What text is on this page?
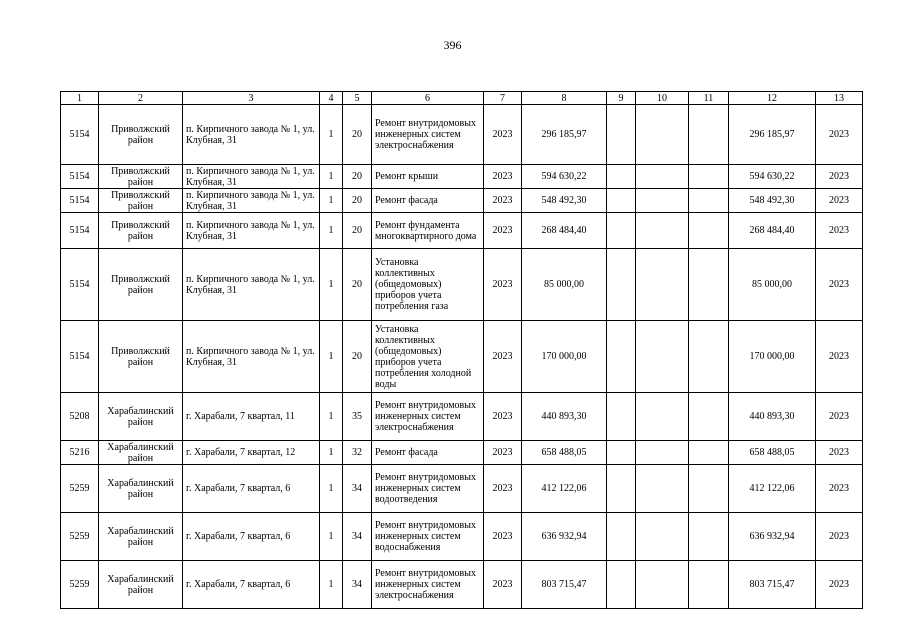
396
1	2	3	4	5	6	7	8	9	10	11	12	13
5154	Приволжский район	п. Кирпичного завода № 1, ул. Клубная, 31	1	20	Ремонт внутридомовых инженерных систем электроснабжения	2023	296 185,97				296 185,97	2023
5154	Приволжский район	п. Кирпичного завода № 1, ул. Клубная, 31	1	20	Ремонт крыши	2023	594 630,22				594 630,22	2023
5154	Приволжский район	п. Кирпичного завода № 1, ул. Клубная, 31	1	20	Ремонт фасада	2023	548 492,30				548 492,30	2023
5154	Приволжский район	п. Кирпичного завода № 1, ул. Клубная, 31	1	20	Ремонт фундамента многоквартирного дома	2023	268 484,40				268 484,40	2023
5154	Приволжский район	п. Кирпичного завода № 1, ул. Клубная, 31	1	20	Установка коллективных (общедомовых) приборов учета потребления газа	2023	85 000,00				85 000,00	2023
5154	Приволжский район	п. Кирпичного завода № 1, ул. Клубная, 31	1	20	Установка коллективных (общедомовых) приборов учета потребления холодной воды	2023	170 000,00				170 000,00	2023
5208	Харабалинский район	г. Харабали, 7 квартал, 11	1	35	Ремонт внутридомовых инженерных систем электроснабжения	2023	440 893,30				440 893,30	2023
5216	Харабалинский район	г. Харабали, 7 квартал, 12	1	32	Ремонт фасада	2023	658 488,05				658 488,05	2023
5259	Харабалинский район	г. Харабали, 7 квартал, 6	1	34	Ремонт внутридомовых инженерных систем водоотведения	2023	412 122,06				412 122,06	2023
5259	Харабалинский район	г. Харабали, 7 квартал, 6	1	34	Ремонт внутридомовых инженерных систем водоснабжения	2023	636 932,94				636 932,94	2023
5259	Харабалинский район	г. Харабали, 7 квартал, 6	1	34	Ремонт внутридомовых инженерных систем электроснабжения	2023	803 715,47				803 715,47	2023
